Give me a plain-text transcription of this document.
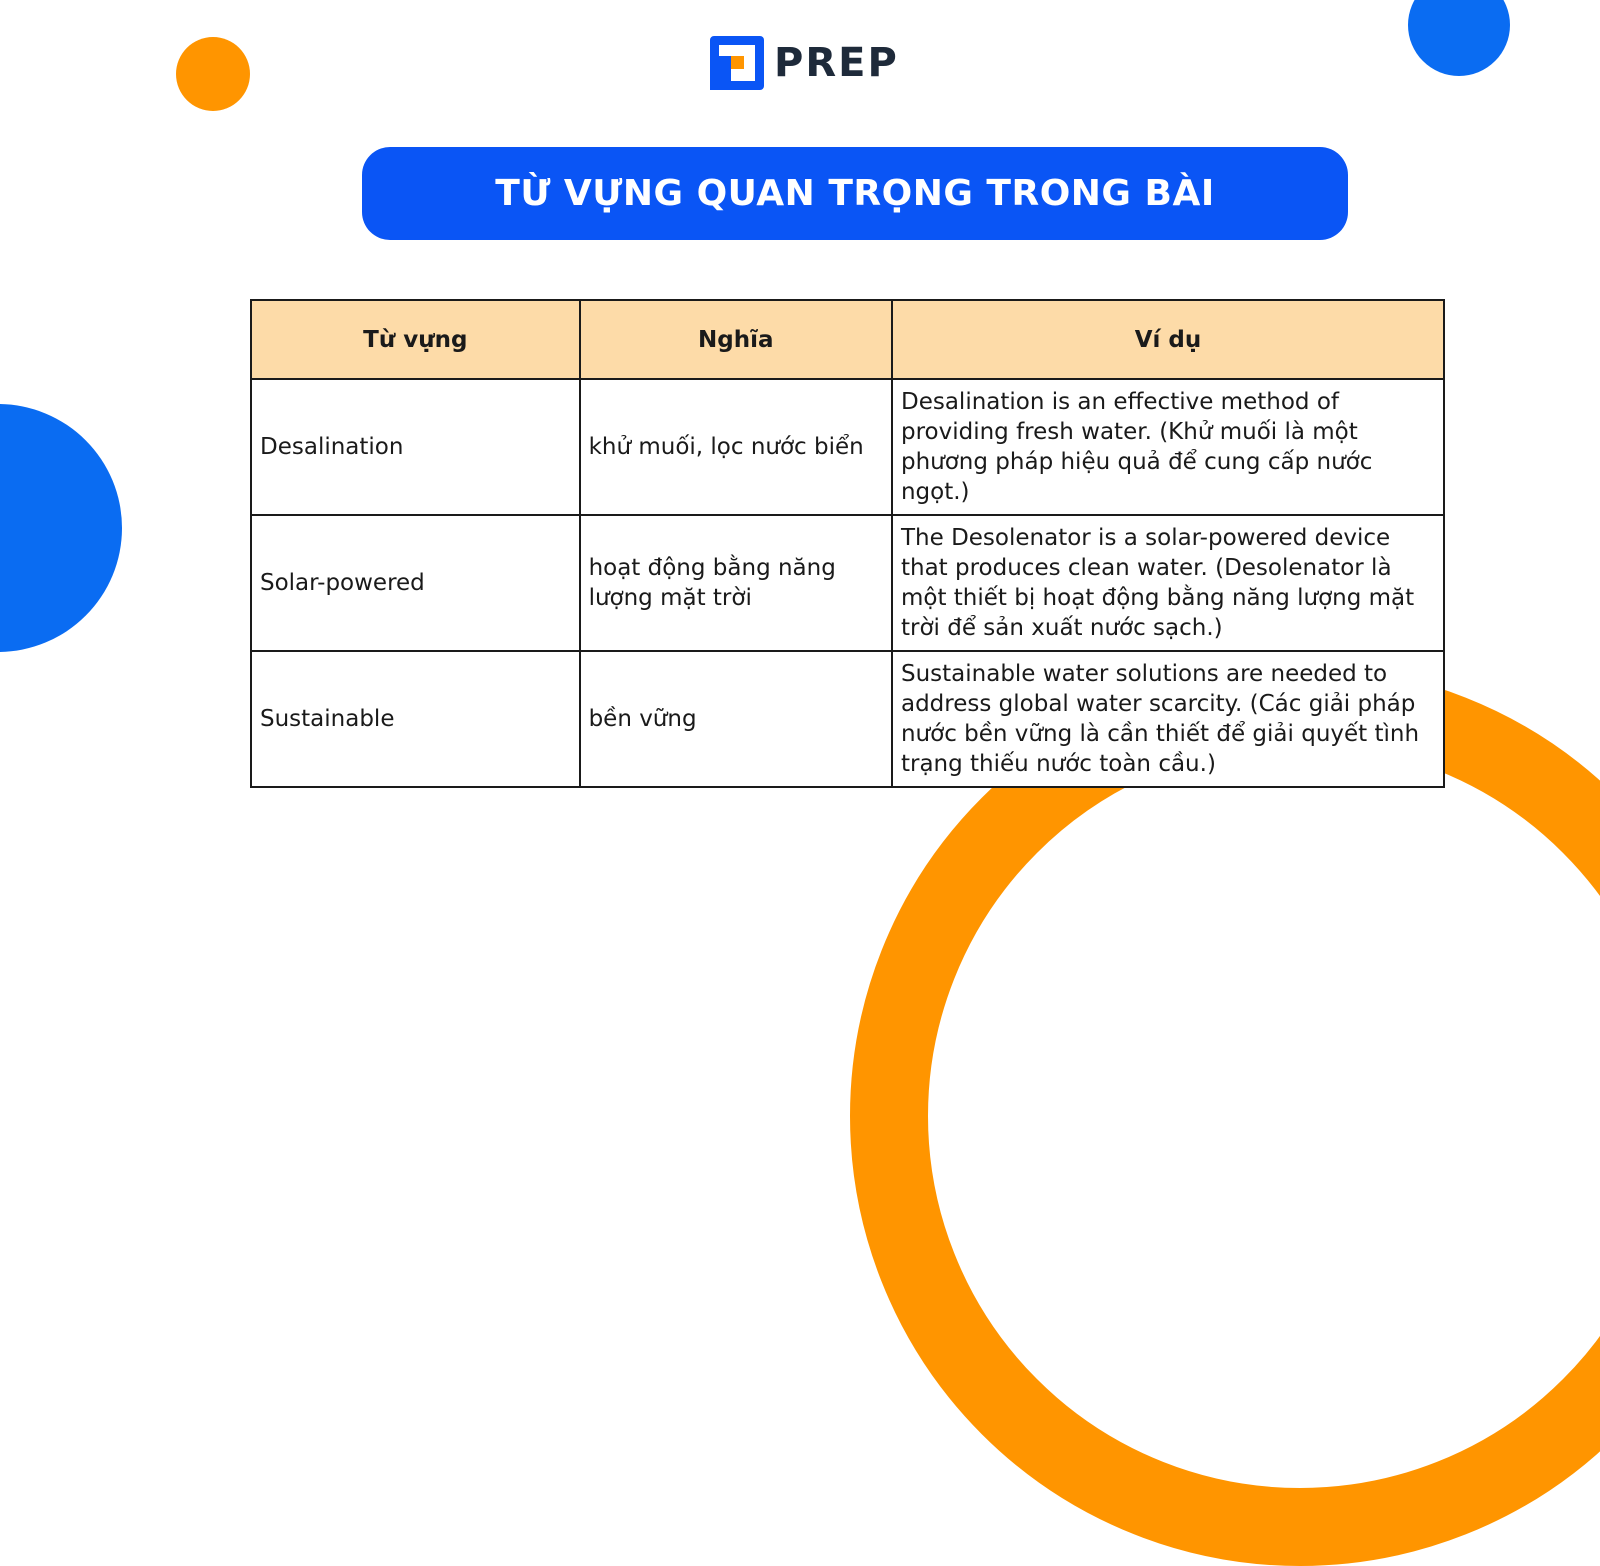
PREP
TỪ VỰNG QUAN TRỌNG TRONG BÀI
Từ vựng	Nghĩa	Ví dụ
Desalination	khử muối, lọc nước biển	Desalination is an effective method of providing fresh water. (Khử muối là một phương pháp hiệu quả để cung cấp nước ngọt.)
Solar-powered	hoạt động bằng năng lượng mặt trời	The Desolenator is a solar-powered device that produces clean water. (Desolenator là một thiết bị hoạt động bằng năng lượng mặt trời để sản xuất nước sạch.)
Sustainable	bền vững	Sustainable water solutions are needed to address global water scarcity. (Các giải pháp nước bền vững là cần thiết để giải quyết tình trạng thiếu nước toàn cầu.)
